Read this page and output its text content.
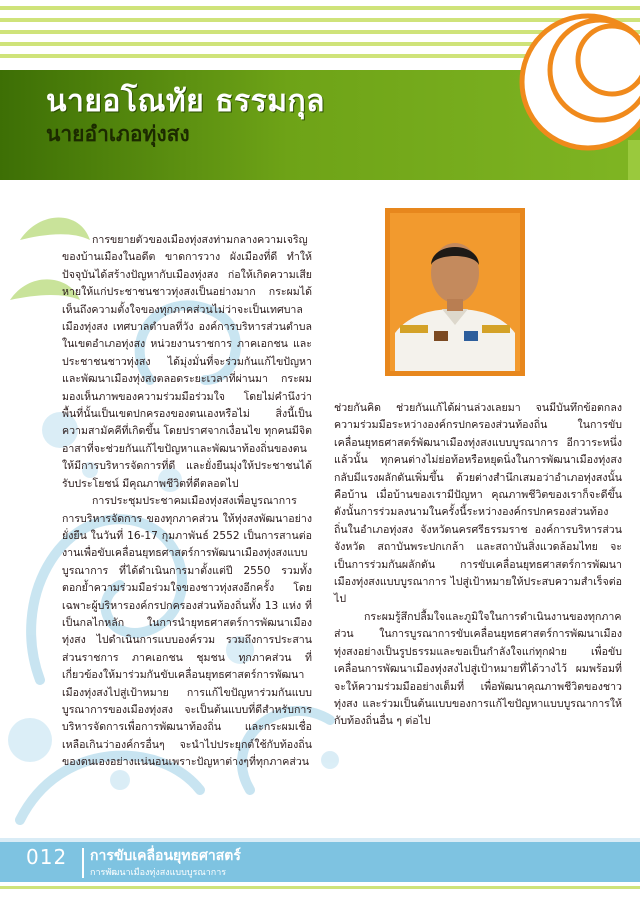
นายอโณทัย ธรรมกุล
นายอำเภอทุ่งสง

การขยายตัวของเมืองทุ่งสงท่ามกลางความเจริญของบ้านเมืองในอดีต ขาดการวาง ผังเมืองที่ดี ทำให้ปัจจุบันได้สร้างปัญหากับเมืองทุ่งสง ก่อให้เกิดความเสียหายให้แก่ประชาชนชาวทุ่งสงเป็นอย่างมาก กระผมได้เห็นถึงความตั้งใจของทุกภาคส่วนไม่ว่าจะเป็นเทศบาลเมืองทุ่งสง เทศบาลตำบลที่วัง องค์การบริหารส่วนตำบลในเขตอำเภอทุ่งสง หน่วยงานราชการ ภาคเอกชน และประชาชนชาวทุ่งสง ได้มุ่งมั่นที่จะร่วมกันแก้ไขปัญหาและพัฒนาเมืองทุ่งสงตลอดระยะเวลาที่ผ่านมา กระผมมองเห็นภาพของความร่วมมือร่วมใจ โดยไม่คำนึงว่าพื้นที่นั้นเป็นเขตปกครองของตนเองหรือไม่ สิ่งนี้เป็นความสามัคคีที่เกิดขึ้น โดยปราศจากเงื่อนไข ทุกคนมีจิตอาสาที่จะช่วยกันแก้ไขปัญหาและพัฒนาท้องถิ่นของตนให้มีการบริหารจัดการที่ดี และยั่งยืนมุ่งให้ประชาชนได้รับประโยชน์ มีคุณภาพชีวิตที่ดีตลอดไป

การประชุมประชาคมเมืองทุ่งสงเพื่อบูรณาการการบริหารจัดการ ของทุกภาคส่วน ให้ทุ่งสงพัฒนาอย่างยั่งยืน ในวันที่ 16-17 กุมภาพันธ์ 2552 เป็นการสานต่องานเพื่อขับเคลื่อนยุทธศาสตร์การพัฒนาเมืองทุ่งสงแบบบูรณาการ ที่ได้ดำเนินการมาตั้งแต่ปี 2550 รวมทั้งตอกย้ำความร่วมมือร่วมใจของชาวทุ่งสงอีกครั้ง โดยเฉพาะผู้บริหารองค์กรปกครองส่วนท้องถิ่นทั้ง 13 แห่ง ที่เป็นกลไกหลัก ในการนำยุทธศาสตร์การพัฒนาเมืองทุ่งสง ไปดำเนินการแบบองค์รวม รวมถึงการประสานส่วนราชการ ภาคเอกชน ชุมชน ทุกภาคส่วน ที่เกี่ยวข้องให้มาร่วมกันขับเคลื่อนยุทธศาสตร์การพัฒนาเมืองทุ่งสงไปสู่เป้าหมาย การแก้ไขปัญหาร่วมกันแบบบูรณาการของเมืองทุ่งสง จะเป็นต้นแบบที่ดีสำหรับการบริหารจัดการเพื่อการพัฒนาท้องถิ่น และกระผมเชื่อเหลือเกินว่าองค์กรอื่นๆ จะนำไปประยุกต์ใช้กับท้องถิ่นของตนเองอย่างแน่นอนเพราะปัญหาต่างๆที่ทุกภาคส่วน

ช่วยกันคิด ช่วยกันแก้ได้ผ่านล่วงเลยมา จนมีบันทึกข้อตกลงความร่วมมือระหว่างองค์กรปกครองส่วนท้องถิ่น ในการขับเคลื่อนยุทธศาสตร์พัฒนาเมืองทุ่งสงแบบบูรณาการ อีกวาระหนึ่งแล้วนั้น ทุกคนต่างไม่ย่อท้อหรือหยุดนิ่งในการพัฒนาเมืองทุ่งสง กลับมีแรงผลักดันเพิ่มขึ้น ด้วยต่างสำนึกเสมอว่าอำเภอทุ่งสงนั้นคือบ้าน เมื่อบ้านของเรามีปัญหา คุณภาพชีวิตของเราก็จะดีขึ้น ดังนั้นการร่วมลงนามในครั้งนี้ระหว่างองค์กรปกครองส่วนท้องถิ่นในอำเภอทุ่งสง จังหวัดนครศรีธรรมราช องค์การบริหารส่วนจังหวัด สถาบันพระปกเกล้า และสถาบันสิ่งแวดล้อมไทย จะเป็นการร่วมกันผลักดัน การขับเคลื่อนยุทธศาสตร์การพัฒนาเมืองทุ่งสงแบบบูรณาการ ไปสู่เป้าหมายให้ประสบความสำเร็จต่อไป

กระผมรู้สึกปลื้มใจและภูมิใจในการดำเนินงานของทุกภาคส่วน ในการบูรณาการขับเคลื่อนยุทธศาสตร์การพัฒนาเมืองทุ่งสงอย่างเป็นรูปธรรมและขอเป็นกำลังใจแก่ทุกฝ่าย เพื่อขับเคลื่อนการพัฒนาเมืองทุ่งสงไปสู่เป้าหมายที่ได้วางไว้ ผมพร้อมที่จะให้ความร่วมมืออย่างเต็มที่ เพื่อพัฒนาคุณภาพชีวิตของชาวทุ่งสง และร่วมเป็นต้นแบบของการแก้ไขปัญหาแบบบูรณาการให้กับท้องถิ่นอื่น ๆ ต่อไป

012 การขับเคลื่อนยุทธศาสตร์
การพัฒนาเมืองทุ่งสงแบบบูรณาการ
